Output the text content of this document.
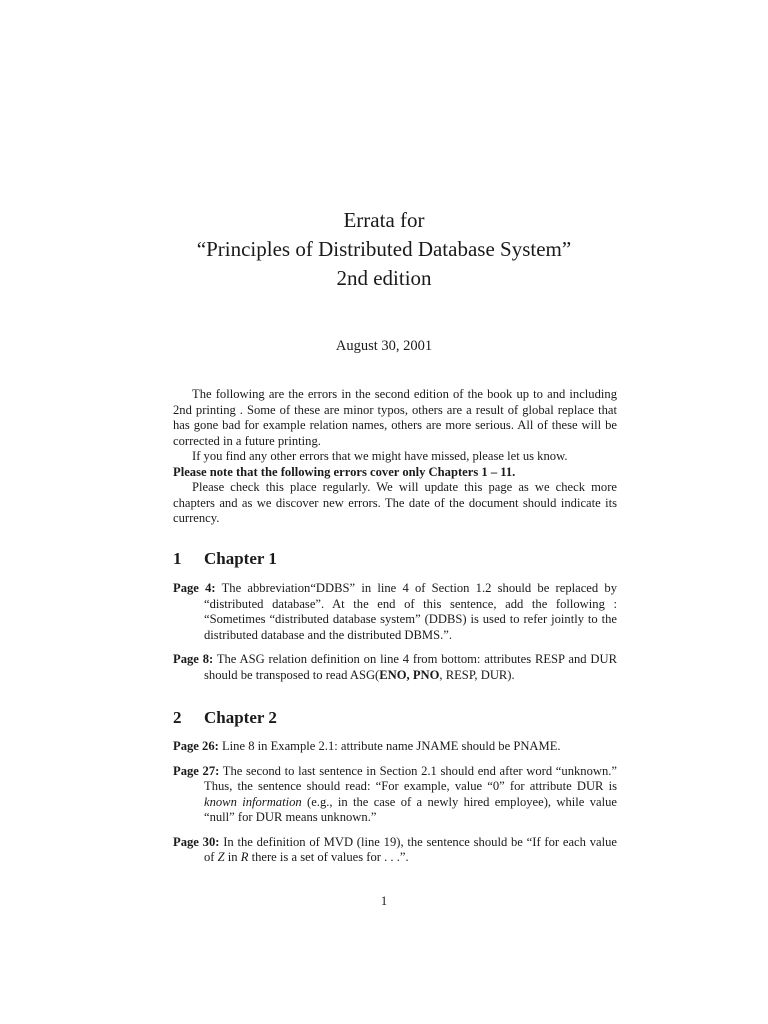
Errata for
“Principles of Distributed Database System”
2nd edition
August 30, 2001

The following are the errors in the second edition of the book up to and including 2nd printing . Some of these are minor typos, others are a result of global replace that has gone bad for example relation names, others are more serious. All of these will be corrected in a future printing.

If you find any other errors that we might have missed, please let us know.

Please note that the following errors cover only Chapters 1 – 11.

Please check this place regularly. We will update this page as we check more chapters and as we discover new errors. The date of the document should indicate its currency.

1 Chapter 1

Page 4: The abbreviation“DDBS” in line 4 of Section 1.2 should be replaced by “distributed database”. At the end of this sentence, add the following : “Sometimes “distributed database system” (DDBS) is used to refer jointly to the distributed database and the distributed DBMS.”.

Page 8: The ASG relation definition on line 4 from bottom: attributes RESP and DUR should be transposed to read ASG(ENO, PNO, RESP, DUR).

2 Chapter 2

Page 26: Line 8 in Example 2.1: attribute name JNAME should be PNAME.

Page 27: The second to last sentence in Section 2.1 should end after word “unknown.” Thus, the sentence should read: “For example, value “0” for attribute DUR is known information (e.g., in the case of a newly hired employee), while value “null” for DUR means unknown.”

Page 30: In the definition of MVD (line 19), the sentence should be “If for each value of Z in R there is a set of values for . . .”.

1
